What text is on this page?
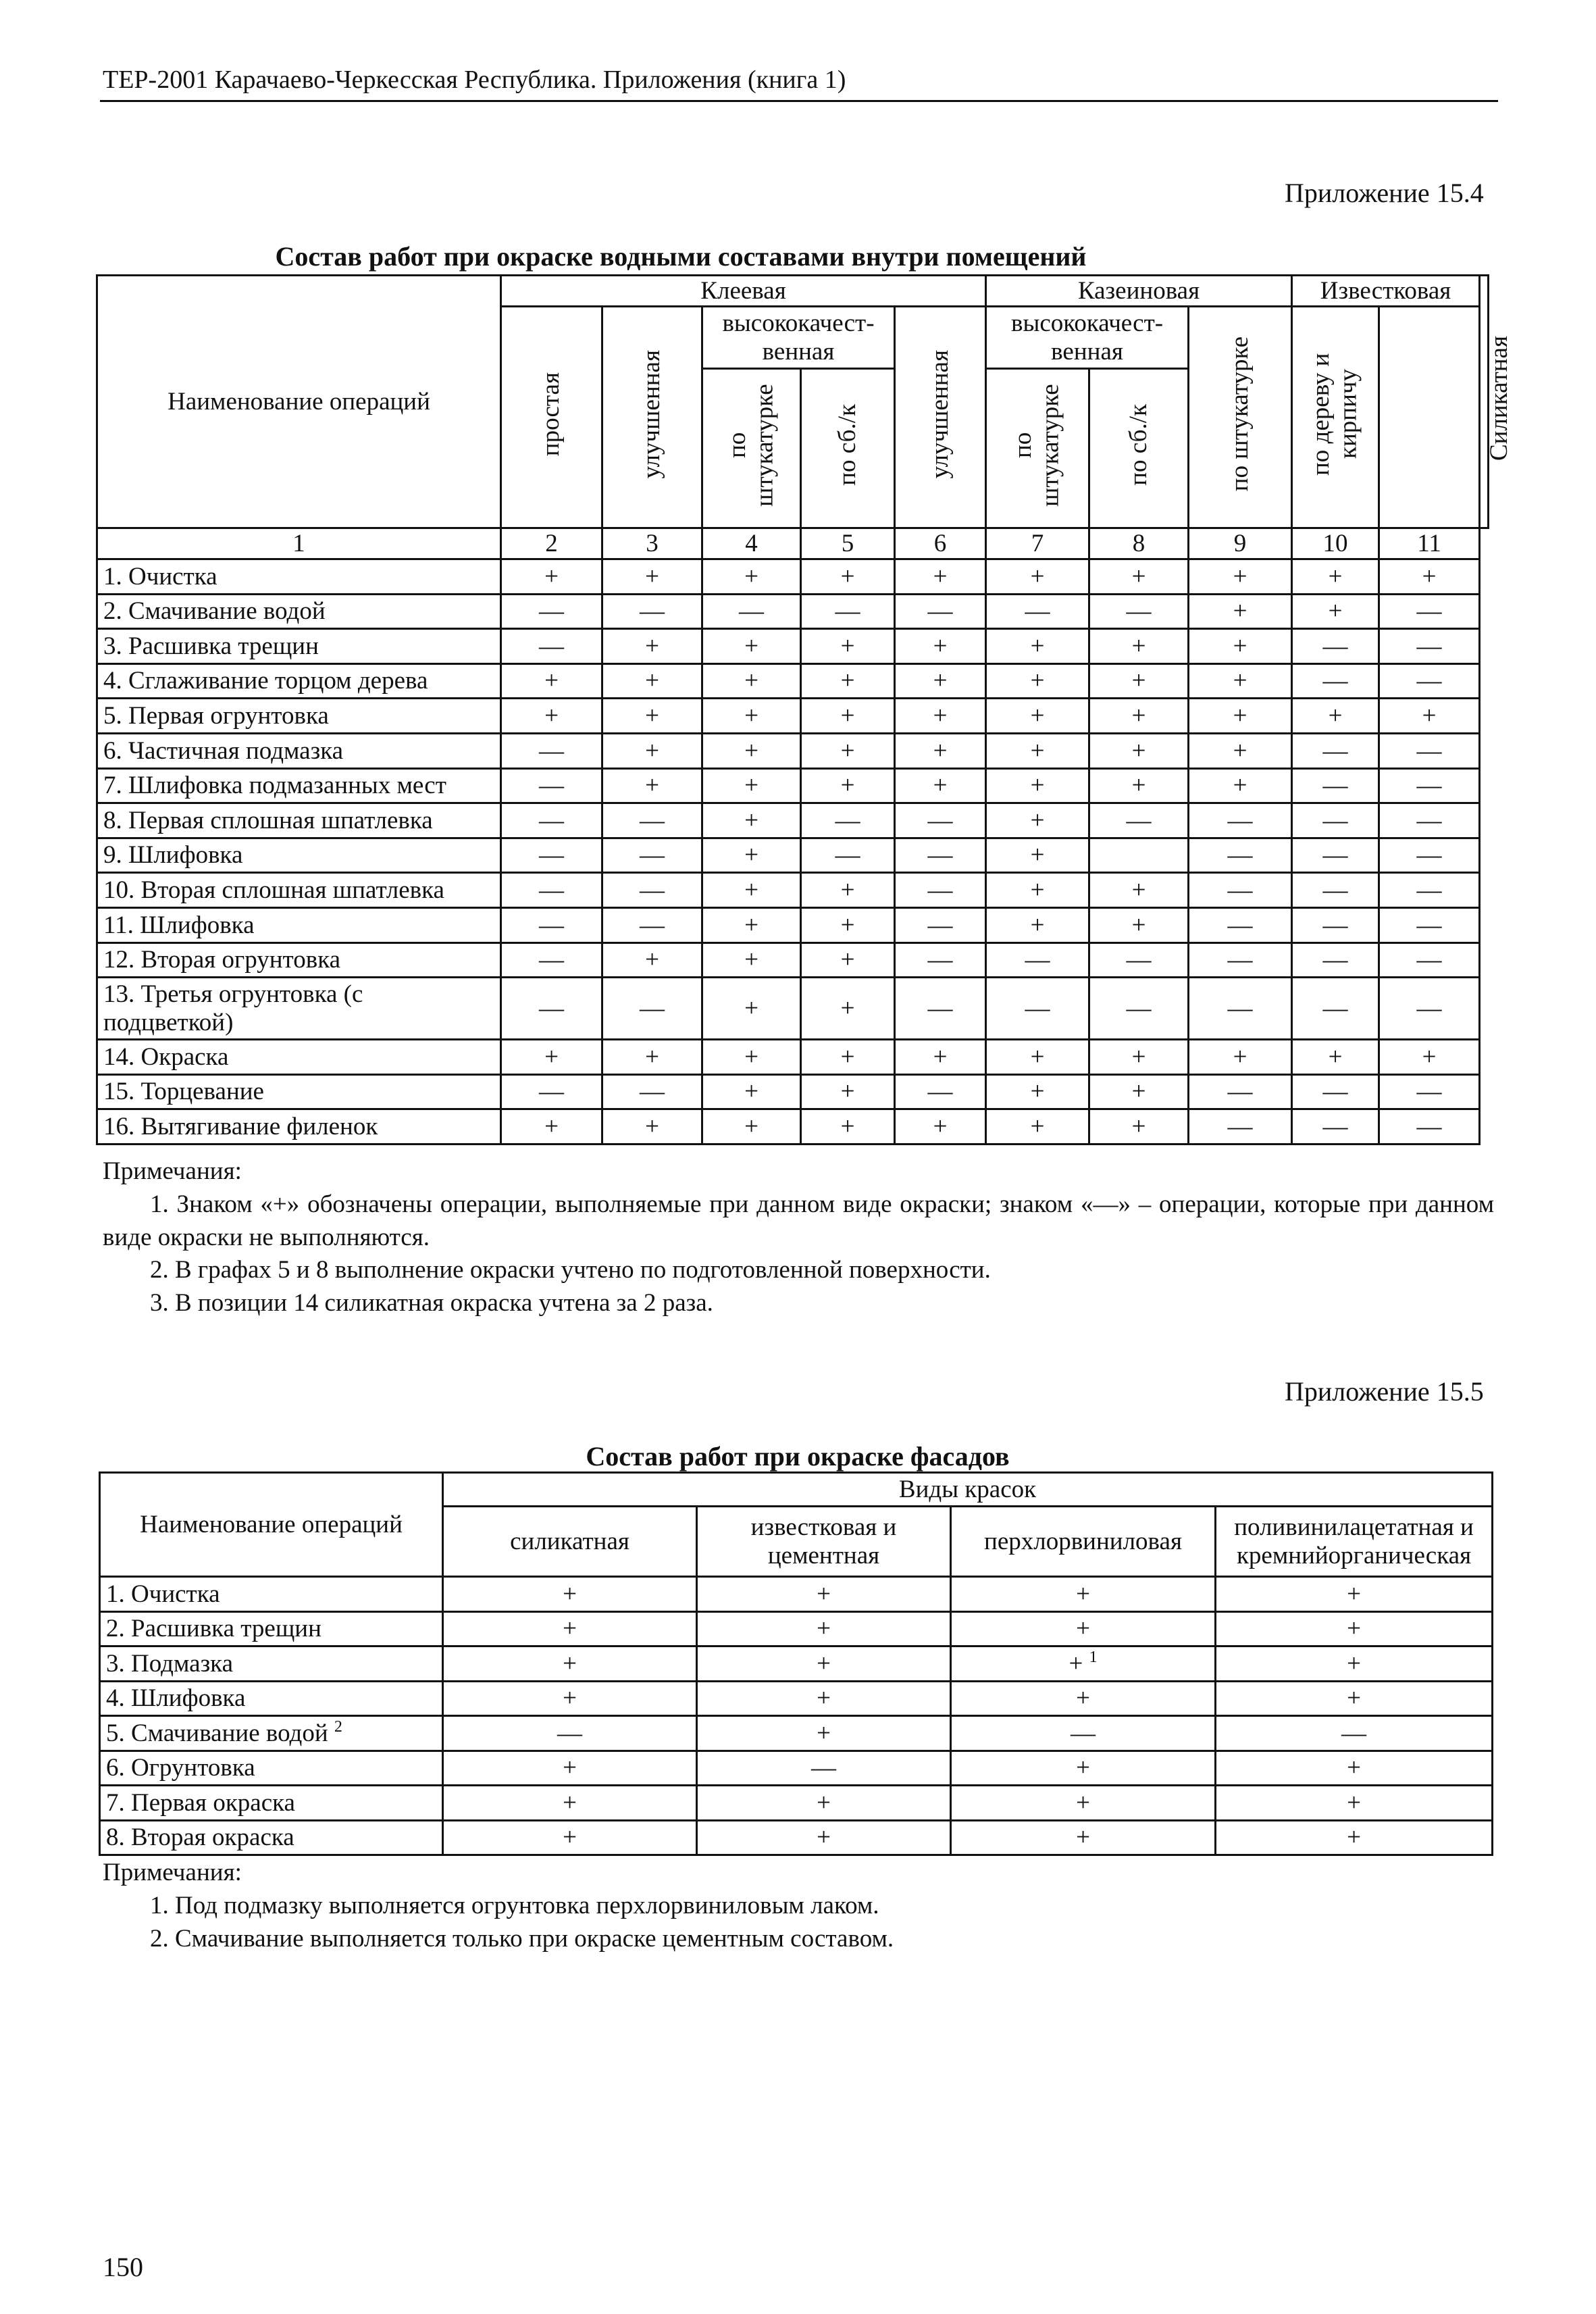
ТЕР-2001 Карачаево-Черкесская Республика. Приложения (книга 1)
Приложение 15.4
Состав работ при окраске водными составами внутри помещений
Наименование операций	Клеевая					Казеиновая			Известковая		Силикатная
	простая	улучшенная	высококачест-венная		улучшенная	высококачест-венная		по штукатурке	по дереву и кирпичу		
			по штукатурке	по сб./к		по штукатурке	по сб./к				
1	2	3	4	5	6	7	8	9	10	11	
1. Очистка	+	+	+	+	+	+	+	+	+	+	
2. Смачивание водой	—	—	—	—	—	—	—	+	+	—	
3. Расшивка трещин	—	+	+	+	+	+	+	+	—	—	
4. Сглаживание торцом дерева	+	+	+	+	+	+	+	+	—	—	
5. Первая огрунтовка	+	+	+	+	+	+	+	+	+	+	
6. Частичная подмазка	—	+	+	+	+	+	+	+	—	—	
7. Шлифовка подмазанных мест	—	+	+	+	+	+	+	+	—	—	
8. Первая сплошная шпатлевка	—	—	+	—	—	+	—	—	—	—	
9. Шлифовка	—	—	+	—	—	+		—	—	—	
10. Вторая сплошная шпатлевка	—	—	+	+	—	+	+	—	—	—	
11. Шлифовка	—	—	+	+	—	+	+	—	—	—	
12. Вторая огрунтовка	—	+	+	+	—	—	—	—	—	—	
13. Третья огрунтовка (с подцветкой)	—	—	+	+	—	—	—	—	—	—	
14. Окраска	+	+	+	+	+	+	+	+	+	+	
15. Торцевание	—	—	+	+	—	+	+	—	—	—	
16. Вытягивание филенок	+	+	+	+	+	+	+	—	—	—	

Примечания:

1. Знаком «+» обозначены операции, выполняемые при данном виде окраски; знаком «—» – операции, которые при данном виде окраски не выполняются.

2. В графах 5 и 8 выполнение окраски учтено по подготовленной поверхности.

3. В позиции 14 силикатная окраска учтена за 2 раза.

Приложение 15.5
Состав работ при окраске фасадов
Наименование операций	Виды красок			
	силикатная	известковая и цементная	перхлорвиниловая	поливинилацетатная и кремнийорганическая
1. Очистка	+	+	+	+
2. Расшивка трещин	+	+	+	+
3. Подмазка	+	+	+ $^1$	+
4. Шлифовка	+	+	+	+
5. Смачивание водой $^2$	—	+	—	—
6. Огрунтовка	+	—	+	+
7. Первая окраска	+	+	+	+
8. Вторая окраска	+	+	+	+

Примечания:

1. Под подмазку выполняется огрунтовка перхлорвиниловым лаком.

2. Смачивание выполняется только при окраске цементным составом.

150
